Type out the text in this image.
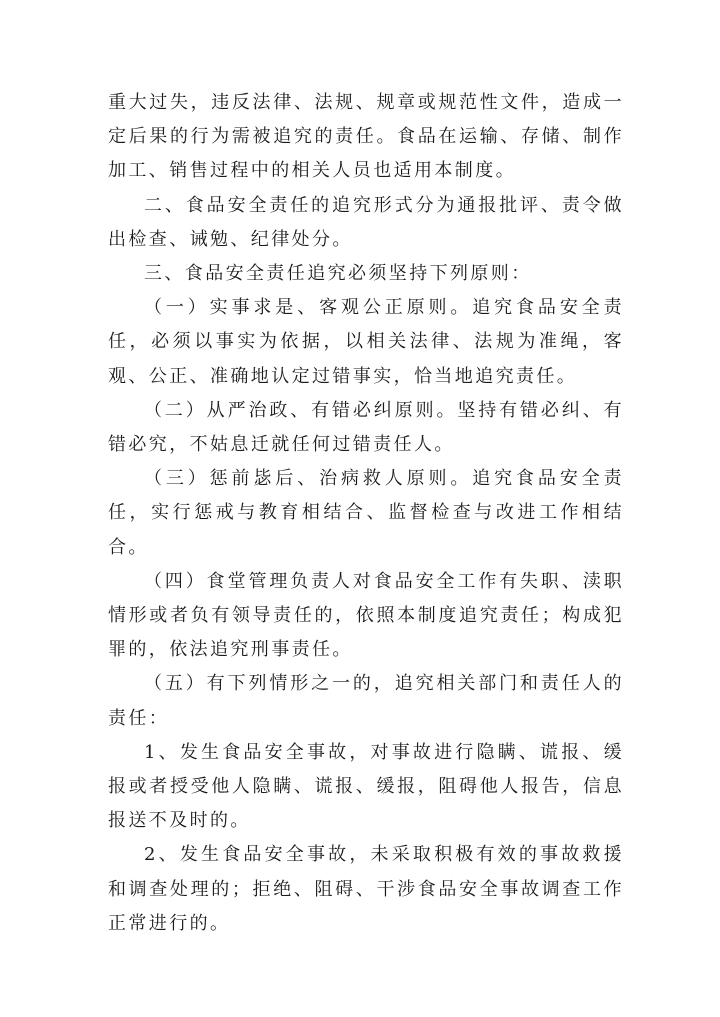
重大过失，违反法律、法规、规章或规范性文件，造成一定后果的行为需被追究的责任。食品在运输、存储、制作加工、销售过程中的相关人员也适用本制度。

二、食品安全责任的追究形式分为通报批评、责令做出检查、诫勉、纪律处分。

三、食品安全责任追究必须坚持下列原则：

（一）实事求是、客观公正原则。追究食品安全责任，必须以事实为依据，以相关法律、法规为准绳，客观、公正、准确地认定过错事实，恰当地追究责任。

（二）从严治政、有错必纠原则。坚持有错必纠、有错必究，不姑息迁就任何过错责任人。

（三）惩前毖后、治病救人原则。追究食品安全责任，实行惩戒与教育相结合、监督检查与改进工作相结合。

（四）食堂管理负责人对食品安全工作有失职、渎职情形或者负有领导责任的，依照本制度追究责任；构成犯罪的，依法追究刑事责任。

（五）有下列情形之一的，追究相关部门和责任人的责任：

1、发生食品安全事故，对事故进行隐瞒、谎报、缓报或者授受他人隐瞒、谎报、缓报，阻碍他人报告，信息报送不及时的。

2、发生食品安全事故，未采取积极有效的事故救援和调查处理的；拒绝、阻碍、干涉食品安全事故调查工作正常进行的。
